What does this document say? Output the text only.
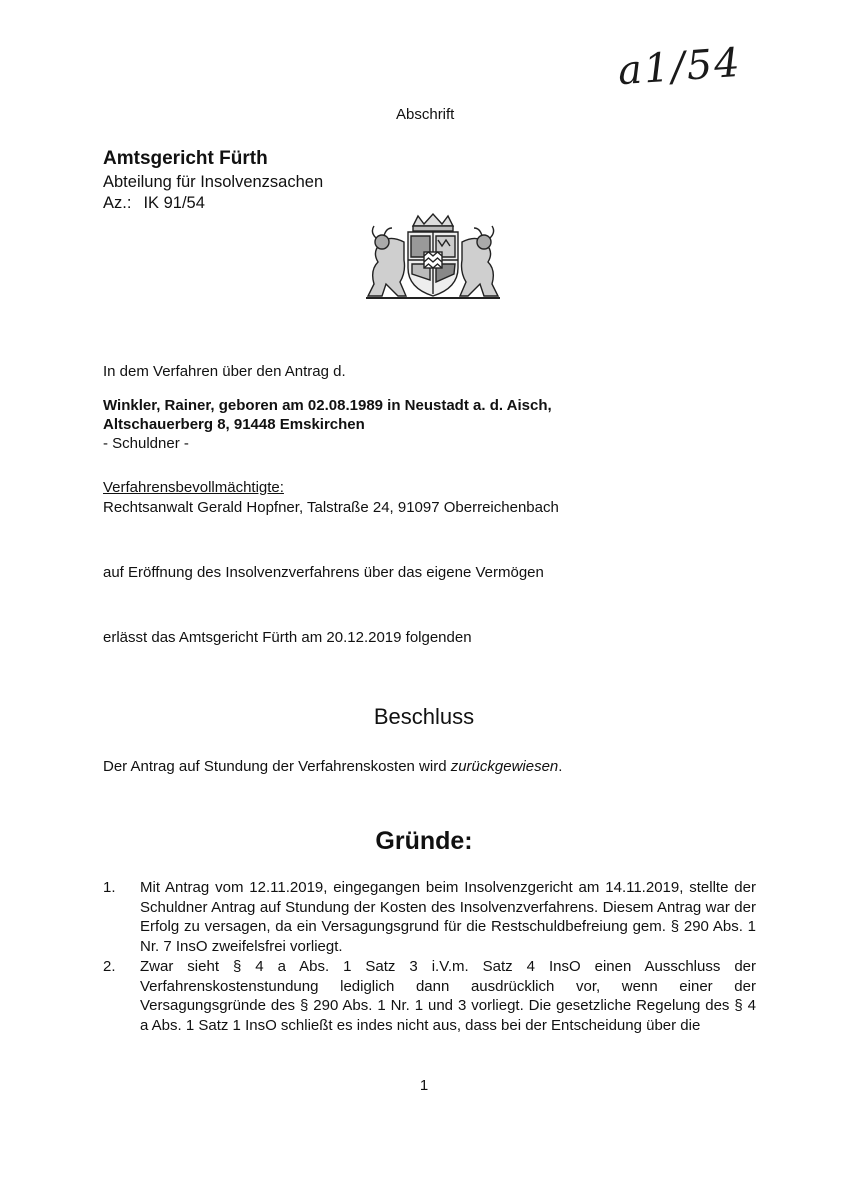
a1/54
Abschrift
Amtsgericht Fürth
Abteilung für Insolvenzsachen
Az.: IK 91/54
In dem Verfahren über den Antrag d.
Winkler, Rainer, geboren am 02.08.1989 in Neustadt a. d. Aisch,
Altschauerberg 8, 91448 Emskirchen
- Schuldner -
Verfahrensbevollmächtigte:
Rechtsanwalt Gerald Hopfner, Talstraße 24, 91097 Oberreichenbach
auf Eröffnung des Insolvenzverfahrens über das eigene Vermögen
erlässt das Amtsgericht Fürth am 20.12.2019 folgenden
Beschluss
Der Antrag auf Stundung der Verfahrenskosten wird zurückgewiesen.
Gründe:
1. Mit Antrag vom 12.11.2019, eingegangen beim Insolvenzgericht am 14.11.2019, stellte der Schuldner Antrag auf Stundung der Kosten des Insolvenzverfahrens. Diesem Antrag war der Erfolg zu versagen, da ein Versagungsgrund für die Restschuldbefreiung gem. § 290 Abs. 1 Nr. 7 InsO zweifelsfrei vorliegt.
2. Zwar sieht § 4 a Abs. 1 Satz 3 i.V.m. Satz 4 InsO einen Ausschluss der Verfahrenskostenstundung lediglich dann ausdrücklich vor, wenn einer der Versagungsgründe des § 290 Abs. 1 Nr. 1 und 3 vorliegt. Die gesetzliche Regelung des § 4 a Abs. 1 Satz 1 InsO schließt es indes nicht aus, dass bei der Entscheidung über die
1
